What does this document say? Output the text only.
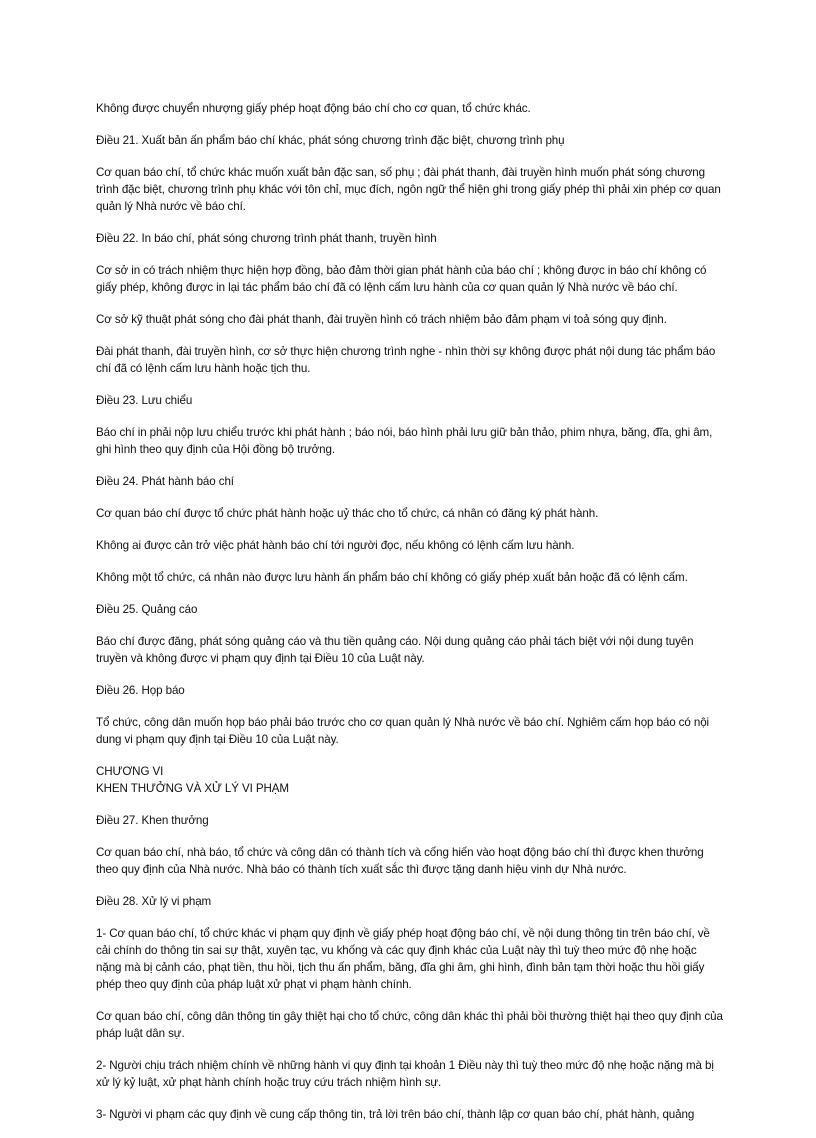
Không được chuyển nhượng giấy phép hoạt động báo chí cho cơ quan, tổ chức khác.

Điều 21. Xuất bản ấn phẩm báo chí khác, phát sóng chương trình đặc biệt, chương trình phụ

Cơ quan báo chí, tổ chức khác muốn xuất bản đặc san, số phụ ; đài phát thanh, đài truyền hình muốn phát sóng chương trình đặc biệt, chương trình phụ khác với tôn chỉ, mục đích, ngôn ngữ thể hiện ghi trong giấy phép thì phải xin phép cơ quan quản lý Nhà nước về báo chí.

Điều 22. In báo chí, phát sóng chương trình phát thanh, truyền hình

Cơ sở in có trách nhiệm thực hiện hợp đồng, bảo đảm thời gian phát hành của báo chí ; không được in báo chí không có giấy phép, không được in lại tác phẩm báo chí đã có lệnh cấm lưu hành của cơ quan quản lý Nhà nước về báo chí.

Cơ sở kỹ thuật phát sóng cho đài phát thanh, đài truyền hình có trách nhiệm bảo đảm phạm vi toả sóng quy định.

Đài phát thanh, đài truyền hình, cơ sở thực hiện chương trình nghe - nhìn thời sự không được phát nội dung tác phẩm báo chí đã có lệnh cấm lưu hành hoặc tịch thu.

Điều 23. Lưu chiểu

Báo chí in phải nộp lưu chiểu trước khi phát hành ; báo nói, báo hình phải lưu giữ bản thảo, phim nhựa, băng, đĩa, ghi âm, ghi hình theo quy định của Hội đồng bộ trưởng.

Điều 24. Phát hành báo chí

Cơ quan báo chí được tổ chức phát hành hoặc uỷ thác cho tổ chức, cá nhân có đăng ký phát hành.

Không ai được cản trở việc phát hành báo chí tới người đọc, nếu không có lệnh cấm lưu hành.

Không một tổ chức, cá nhân nào được lưu hành ấn phẩm báo chí không có giấy phép xuất bản hoặc đã có lệnh cấm.

Điều 25. Quảng cáo

Báo chí được đăng, phát sóng quảng cáo và thu tiền quảng cáo. Nội dung quảng cáo phải tách biệt với nội dung tuyên truyền và không được vi phạm quy định tại Điều 10 của Luật này.

Điều 26. Họp báo

Tổ chức, công dân muốn họp báo phải báo trước cho cơ quan quản lý Nhà nước về báo chí. Nghiêm cấm họp báo có nội dung vi phạm quy định tại Điều 10 của Luật này.

CHƯƠNG VI
KHEN THƯỞNG VÀ XỬ LÝ VI PHẠM

Điều 27. Khen thưởng

Cơ quan báo chí, nhà báo, tổ chức và công dân có thành tích và cống hiến vào hoạt động báo chí thì được khen thưởng theo quy định của Nhà nước. Nhà báo có thành tích xuất sắc thì được tặng danh hiệu vinh dự Nhà nước.

Điều 28. Xử lý vi phạm

1- Cơ quan báo chí, tổ chức khác vi phạm quy định về giấy phép hoạt động báo chí, về nội dung thông tin trên báo chí, về cải chính do thông tin sai sự thật, xuyên tạc, vu khống và các quy định khác của Luật này thì tuỳ theo mức độ nhẹ hoặc nặng mà bị cảnh cáo, phạt tiền, thu hồi, tịch thu ấn phẩm, băng, đĩa ghi âm, ghi hình, đình bản tạm thời hoặc thu hồi giấy phép theo quy định của pháp luật xử phạt vi phạm hành chính.

Cơ quan báo chí, công dân thông tin gây thiệt hại cho tổ chức, công dân khác thì phải bồi thường thiệt hại theo quy định của pháp luật dân sự.

2- Người chịu trách nhiệm chính về những hành vi quy định tại khoản 1 Điều này thì tuỳ theo mức độ nhẹ hoặc nặng mà bị xử lý kỷ luật, xử phạt hành chính hoặc truy cứu trách nhiệm hình sự.

3- Người vi phạm các quy định về cung cấp thông tin, trả lời trên báo chí, thành lập cơ quan báo chí, phát hành, quảng
